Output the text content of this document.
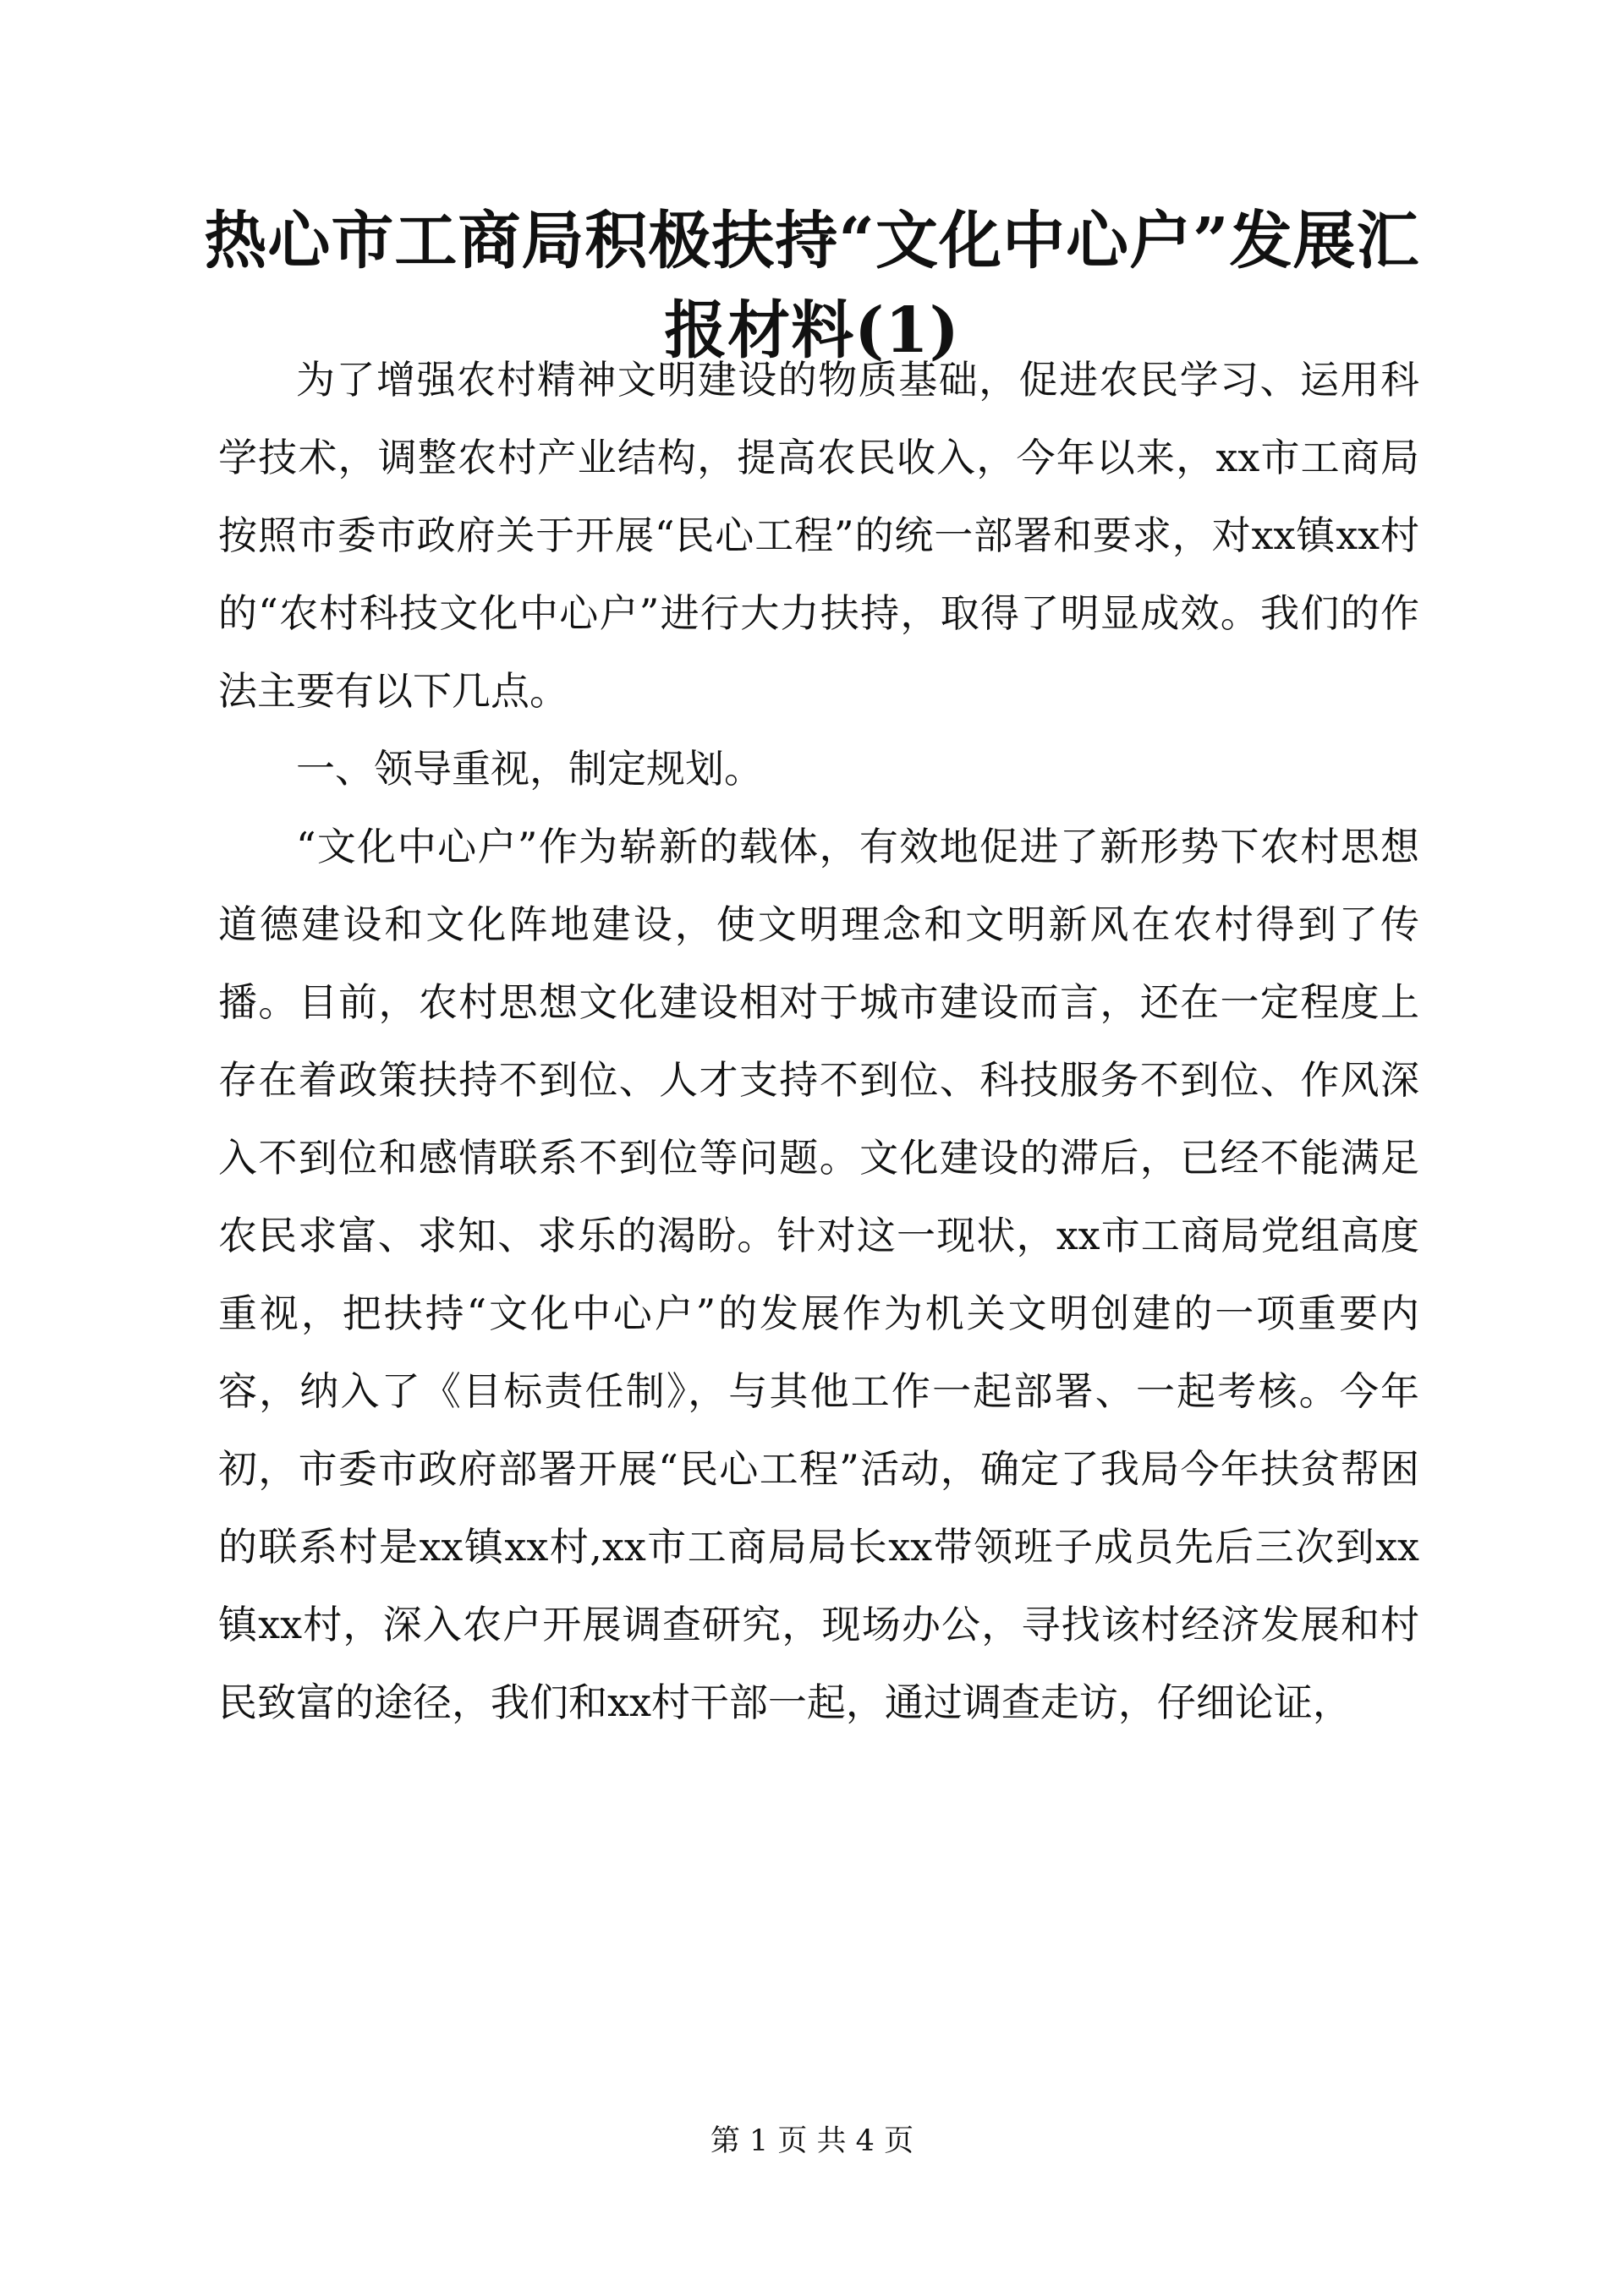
热心市工商局积极扶持“文化中心户”发展汇
报材料(1)

为了增强农村精神文明建设的物质基础，促进农民学习、运用科学技术，调整农村产业结构，提高农民收入，今年以来，xx市工商局按照市委市政府关于开展“民心工程”的统一部署和要求，对xx镇xx村的“农村科技文化中心户”进行大力扶持，取得了明显成效。我们的作法主要有以下几点。

一、领导重视，制定规划。

“文化中心户”作为崭新的载体，有效地促进了新形势下农村思想道德建设和文化阵地建设，使文明理念和文明新风在农村得到了传播。目前，农村思想文化建设相对于城市建设而言，还在一定程度上存在着政策扶持不到位、人才支持不到位、科技服务不到位、作风深入不到位和感情联系不到位等问题。文化建设的滞后，已经不能满足农民求富、求知、求乐的渴盼。针对这一现状，xx市工商局党组高度重视，把扶持“文化中心户”的发展作为机关文明创建的一项重要内容，纳入了《目标责任制》，与其他工作一起部署、一起考核。今年初，市委市政府部署开展“民心工程”活动，确定了我局今年扶贫帮困的联系村是xx镇xx村,xx市工商局局长xx带领班子成员先后三次到xx镇xx村，深入农户开展调查研究，现场办公，寻找该村经济发展和村民致富的途径，我们和xx村干部一起，通过调查走访，仔细论证，

第 1 页 共 4 页
